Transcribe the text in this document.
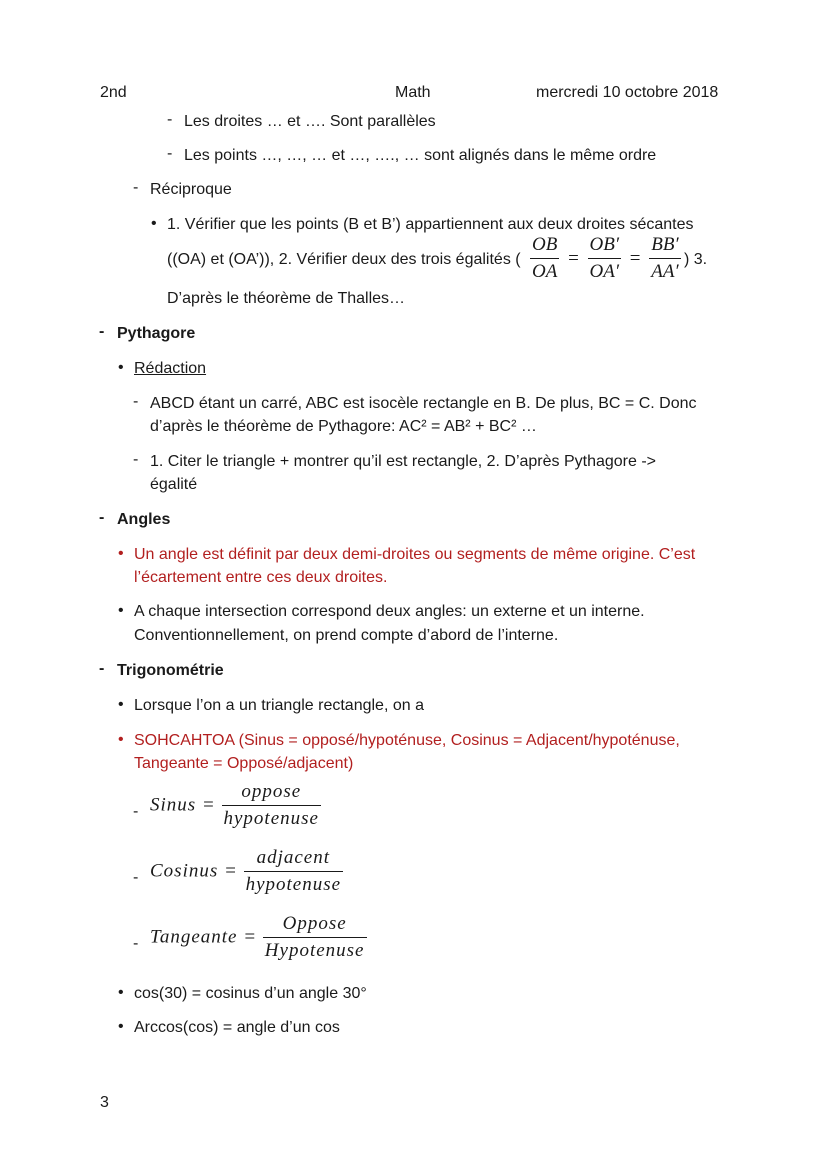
2nd	Math	mercredi 10 octobre 2018
- Les droites … et …. Sont parallèles
- Les points …, …, … et …, …., … sont alignés dans le même ordre
- Réciproque
• 1. Vérifier que les points (B et B’) appartiennent aux deux droites sécantes
((OA) et (OA’)), 2. Vérifier deux des trois égalités ( $\frac{OB}{OA} = \frac{OB'}{OA'} = \frac{BB'}{AA'}$ ) 3.
D’après le théorème de Thalles…
- Pythagore
• Rédaction
- ABCD étant un carré, ABC est isocèle rectangle en B. De plus, BC = C. Donc
d’après le théorème de Pythagore: AC² = AB² + BC² …
- 1. Citer le triangle + montrer qu’il est rectangle, 2. D’après Pythagore ->
égalité
- Angles
• Un angle est définit par deux demi-droites ou segments de même origine. C’est
l’écartement entre ces deux droites.
• A chaque intersection correspond deux angles: un externe et un interne.
Conventionnellement, on prend compte d’abord de l’interne.
- Trigonométrie
• Lorsque l’on a un triangle rectangle, on a
• SOHCAHTOA (Sinus = opposé/hypoténuse, Cosinus = Adjacent/hypoténuse,
Tangeante = Opposé/adjacent)
- Sinus = $\frac{\text{oppose}}{\text{hypotenuse}}$
- Cosinus = $\frac{\text{adjacent}}{\text{hypotenuse}}$
- Tangeante = $\frac{\text{Oppose}}{\text{Hypotenuse}}$
• cos(30) = cosinus d’un angle 30°
• Arccos(cos) = angle d’un cos
3
